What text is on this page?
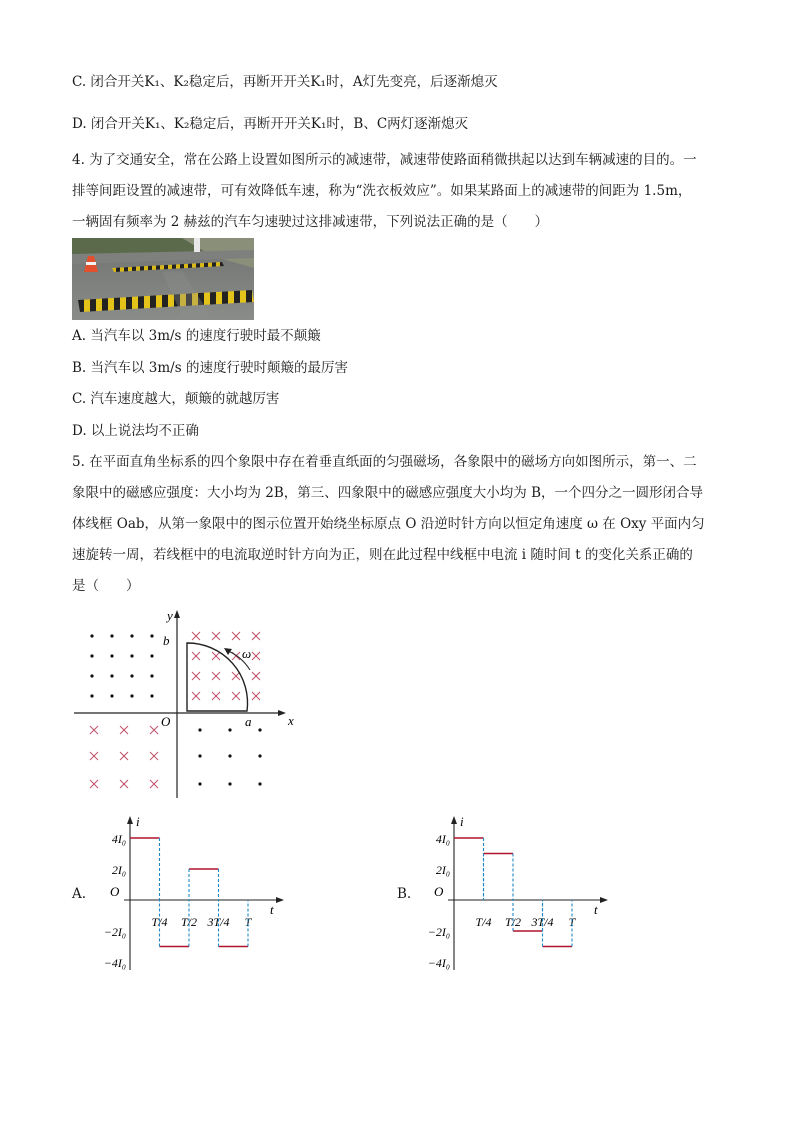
C. 闭合开关K₁、K₂稳定后，再断开开关K₁时，A灯先变亮，后逐渐熄灭
D. 闭合开关K₁、K₂稳定后，再断开开关K₁时，B、C两灯逐渐熄灭
4. 为了交通安全，常在公路上设置如图所示的减速带，减速带使路面稍微拱起以达到车辆减速的目的。一
排等间距设置的减速带，可有效降低车速，称为“洗衣板效应”。如果某路面上的减速带的间距为 1.5m，
一辆固有频率为 2 赫兹的汽车匀速驶过这排减速带，下列说法正确的是（　　）
A. 当汽车以 3m/s 的速度行驶时最不颠簸
B. 当汽车以 3m/s 的速度行驶时颠簸的最厉害
C. 汽车速度越大，颠簸的就越厉害
D. 以上说法均不正确
5. 在平面直角坐标系的四个象限中存在着垂直纸面的匀强磁场，各象限中的磁场方向如图所示，第一、二
象限中的磁感应强度：大小均为 2B，第三、四象限中的磁感应强度大小均为 B，一个四分之一圆形闭合导
体线框 Oab，从第一象限中的图示位置开始绕坐标原点 O 沿逆时针方向以恒定角速度 ω 在 Oxy 平面内匀
速旋转一周，若线框中的电流取逆时针方向为正，则在此过程中线框中电流 i 随时间 t 的变化关系正确的
是（　　）
ω
x
y
O	a
b
A.
i
t
O
4I₀
2I₀
−2I₀
−4I₀
T/4 T/2 3T/4 T
B.
i
t
O
4I₀
2I₀
−2I₀
−4I₀
T/4 T/2 3T/4 T
